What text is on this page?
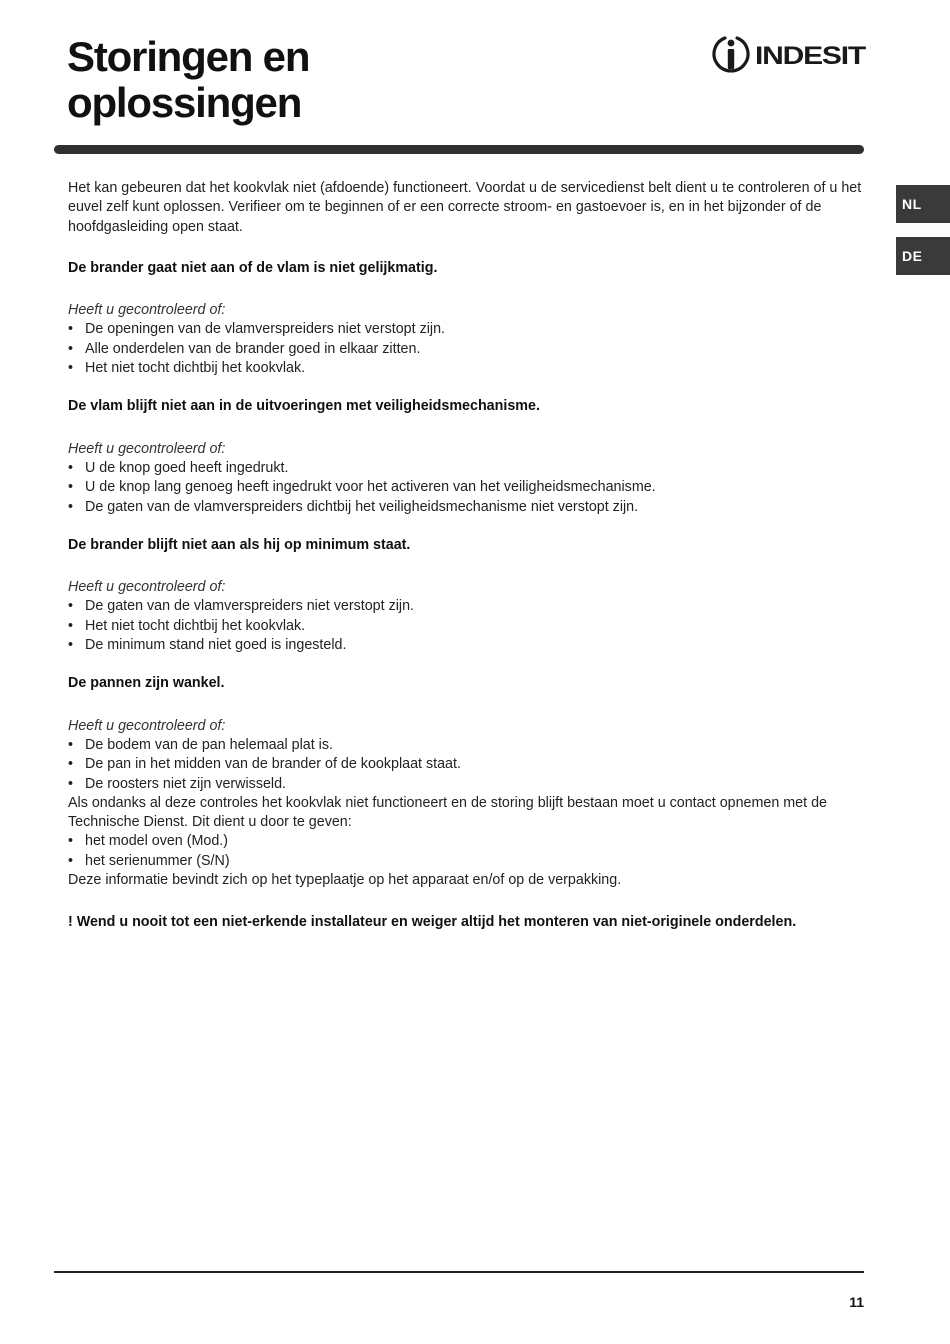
Storingen en
oplossingen
INDESIT
NL
DE

Het kan gebeuren dat het kookvlak niet (afdoende) functioneert. Voordat u de servicedienst belt dient u te controleren of u het euvel zelf kunt oplossen. Verifieer om te beginnen of er een correcte stroom- en gastoevoer is, en in het bijzonder of de hoofdgasleiding open staat.

De brander gaat niet aan of de vlam is niet gelijkmatig.

Heeft u gecontroleerd of:

• De openingen van de vlamverspreiders niet verstopt zijn.
• Alle onderdelen van de brander goed in elkaar zitten.
• Het niet tocht dichtbij het kookvlak.

De vlam blijft niet aan in de uitvoeringen met veiligheidsmechanisme.

Heeft u gecontroleerd of:

• U de knop goed heeft ingedrukt.
• U de knop lang genoeg heeft ingedrukt voor het activeren van het veiligheidsmechanisme.
• De gaten van de vlamverspreiders dichtbij het veiligheidsmechanisme niet verstopt zijn.

De brander blijft niet aan als hij op minimum staat.

Heeft u gecontroleerd of:

• De gaten van de vlamverspreiders niet verstopt zijn.
• Het niet tocht dichtbij het kookvlak.
• De minimum stand niet goed is ingesteld.

De pannen zijn wankel.

Heeft u gecontroleerd of:

• De bodem van de pan helemaal plat is.
• De pan in het midden van de brander of de kookplaat staat.
• De roosters niet zijn verwisseld.

Als ondanks al deze controles het kookvlak niet functioneert en de storing blijft bestaan moet u contact opnemen met de Technische Dienst. Dit dient u door te geven:

• het model oven (Mod.)
• het serienummer (S/N)

Deze informatie bevindt zich op het typeplaatje op het apparaat en/of op de verpakking.

! Wend u nooit tot een niet-erkende installateur en weiger altijd het monteren van niet-originele onderdelen.

11
